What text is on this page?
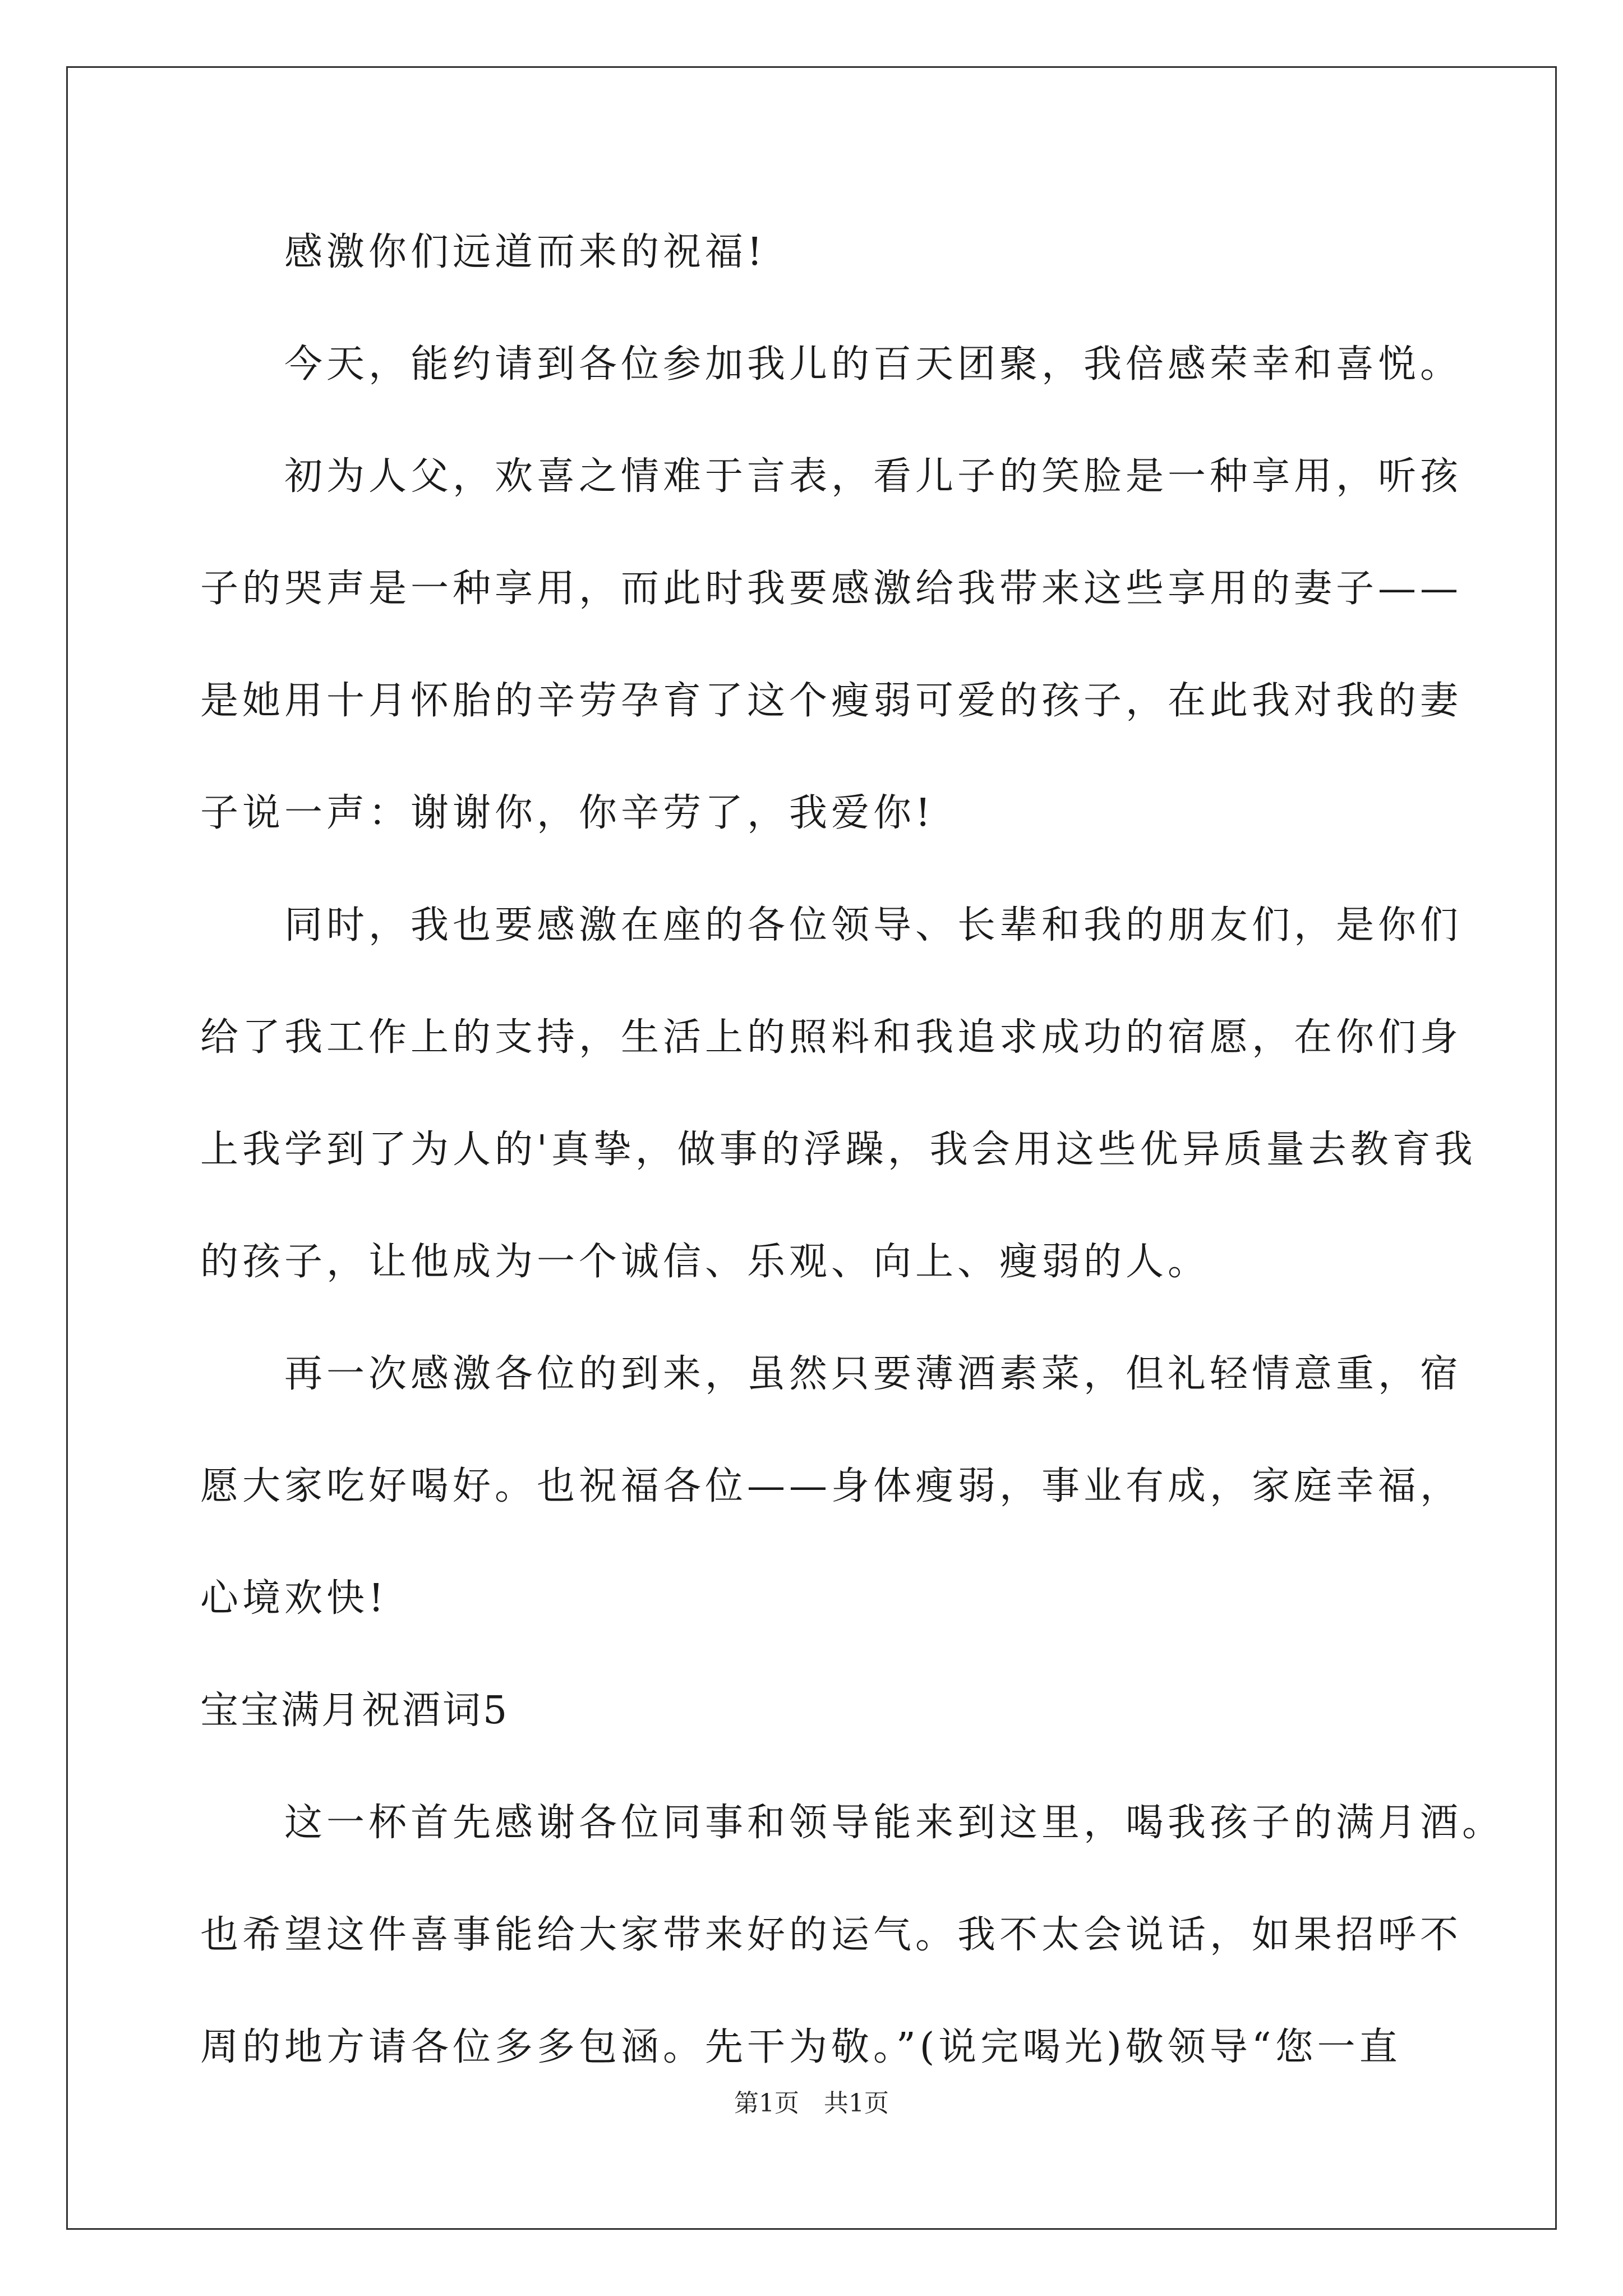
感激你们远道而来的祝福!
今天，能约请到各位参加我儿的百天团聚，我倍感荣幸和喜悦。
初为人父，欢喜之情难于言表，看儿子的笑脸是一种享用，听孩
子的哭声是一种享用，而此时我要感激给我带来这些享用的妻子——
是她用十月怀胎的辛劳孕育了这个瘦弱可爱的孩子，在此我对我的妻
子说一声：谢谢你，你辛劳了，我爱你!
同时，我也要感激在座的各位领导、长辈和我的朋友们，是你们
给了我工作上的支持，生活上的照料和我追求成功的宿愿，在你们身
上我学到了为人的'真挚，做事的浮躁，我会用这些优异质量去教育我
的孩子，让他成为一个诚信、乐观、向上、瘦弱的人。
再一次感激各位的到来，虽然只要薄酒素菜，但礼轻情意重，宿
愿大家吃好喝好。也祝福各位——身体瘦弱，事业有成，家庭幸福，
心境欢快!
宝宝满月祝酒词5
这一杯首先感谢各位同事和领导能来到这里，喝我孩子的满月酒。
也希望这件喜事能给大家带来好的运气。我不太会说话，如果招呼不
周的地方请各位多多包涵。先干为敬。”(说完喝光)敬领导“您一直
第1页　共1页
